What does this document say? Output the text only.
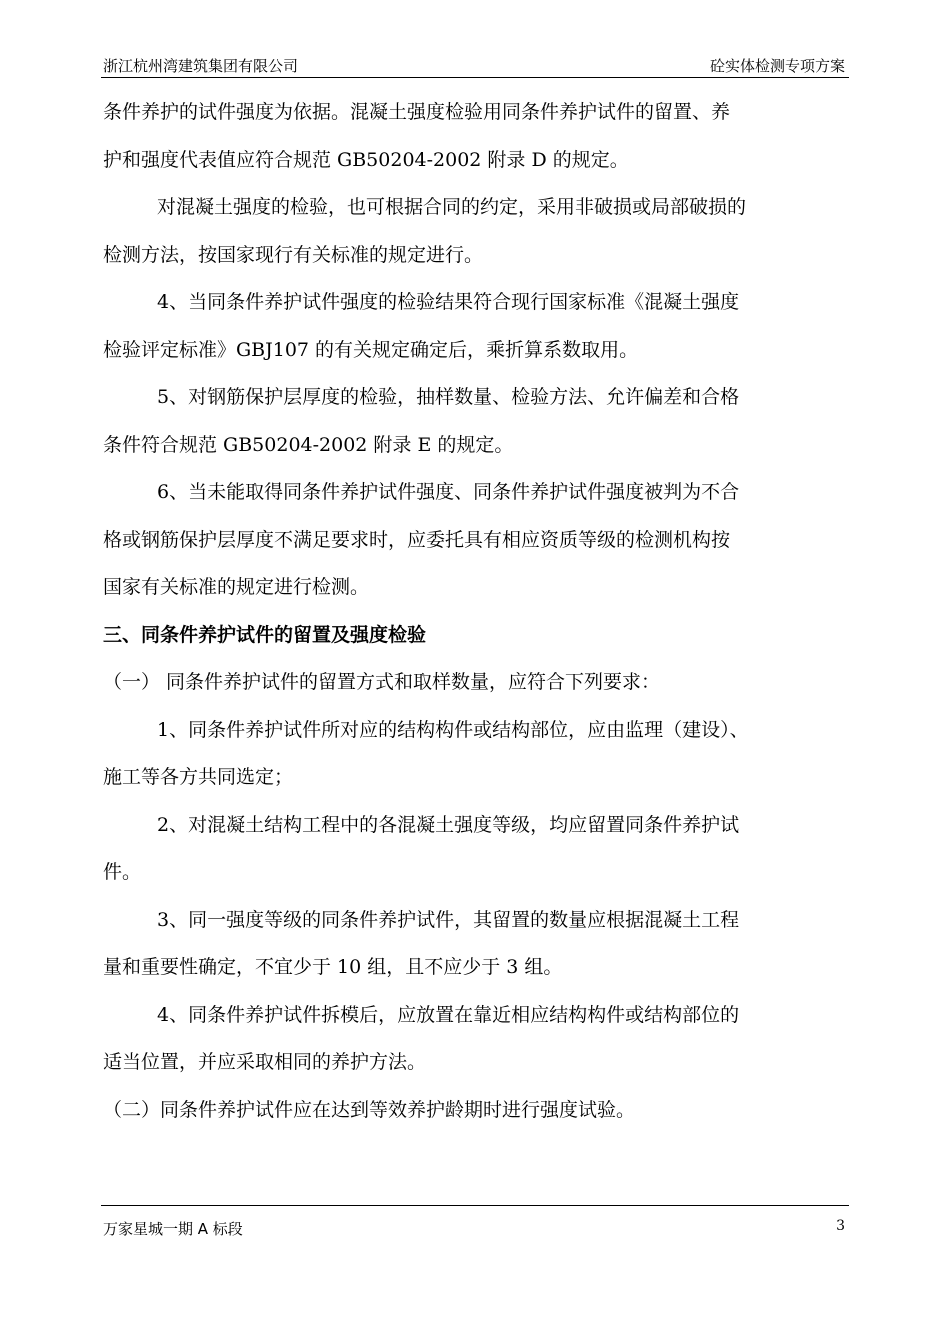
浙江杭州湾建筑集团有限公司	砼实体检测专项方案
条件养护的试件强度为依据。混凝土强度检验用同条件养护试件的留置、养
护和强度代表值应符合规范 GB50204-2002 附录 D 的规定。
对混凝土强度的检验，也可根据合同的约定，采用非破损或局部破损的
检测方法，按国家现行有关标准的规定进行。
4、当同条件养护试件强度的检验结果符合现行国家标准《混凝土强度
检验评定标准》GBJ107 的有关规定确定后，乘折算系数取用。
5、对钢筋保护层厚度的检验，抽样数量、检验方法、允许偏差和合格
条件符合规范 GB50204-2002 附录 E 的规定。
6、当未能取得同条件养护试件强度、同条件养护试件强度被判为不合
格或钢筋保护层厚度不满足要求时，应委托具有相应资质等级的检测机构按
国家有关标准的规定进行检测。
三、同条件养护试件的留置及强度检验
（一） 同条件养护试件的留置方式和取样数量，应符合下列要求：
1、同条件养护试件所对应的结构构件或结构部位，应由监理（建设）、
施工等各方共同选定；
2、对混凝土结构工程中的各混凝土强度等级，均应留置同条件养护试
件。
3、同一强度等级的同条件养护试件，其留置的数量应根据混凝土工程
量和重要性确定，不宜少于 10 组，且不应少于 3 组。
4、同条件养护试件拆模后，应放置在靠近相应结构构件或结构部位的
适当位置，并应采取相同的养护方法。
（二）同条件养护试件应在达到等效养护龄期时进行强度试验。
万家星城一期 A 标段	3
